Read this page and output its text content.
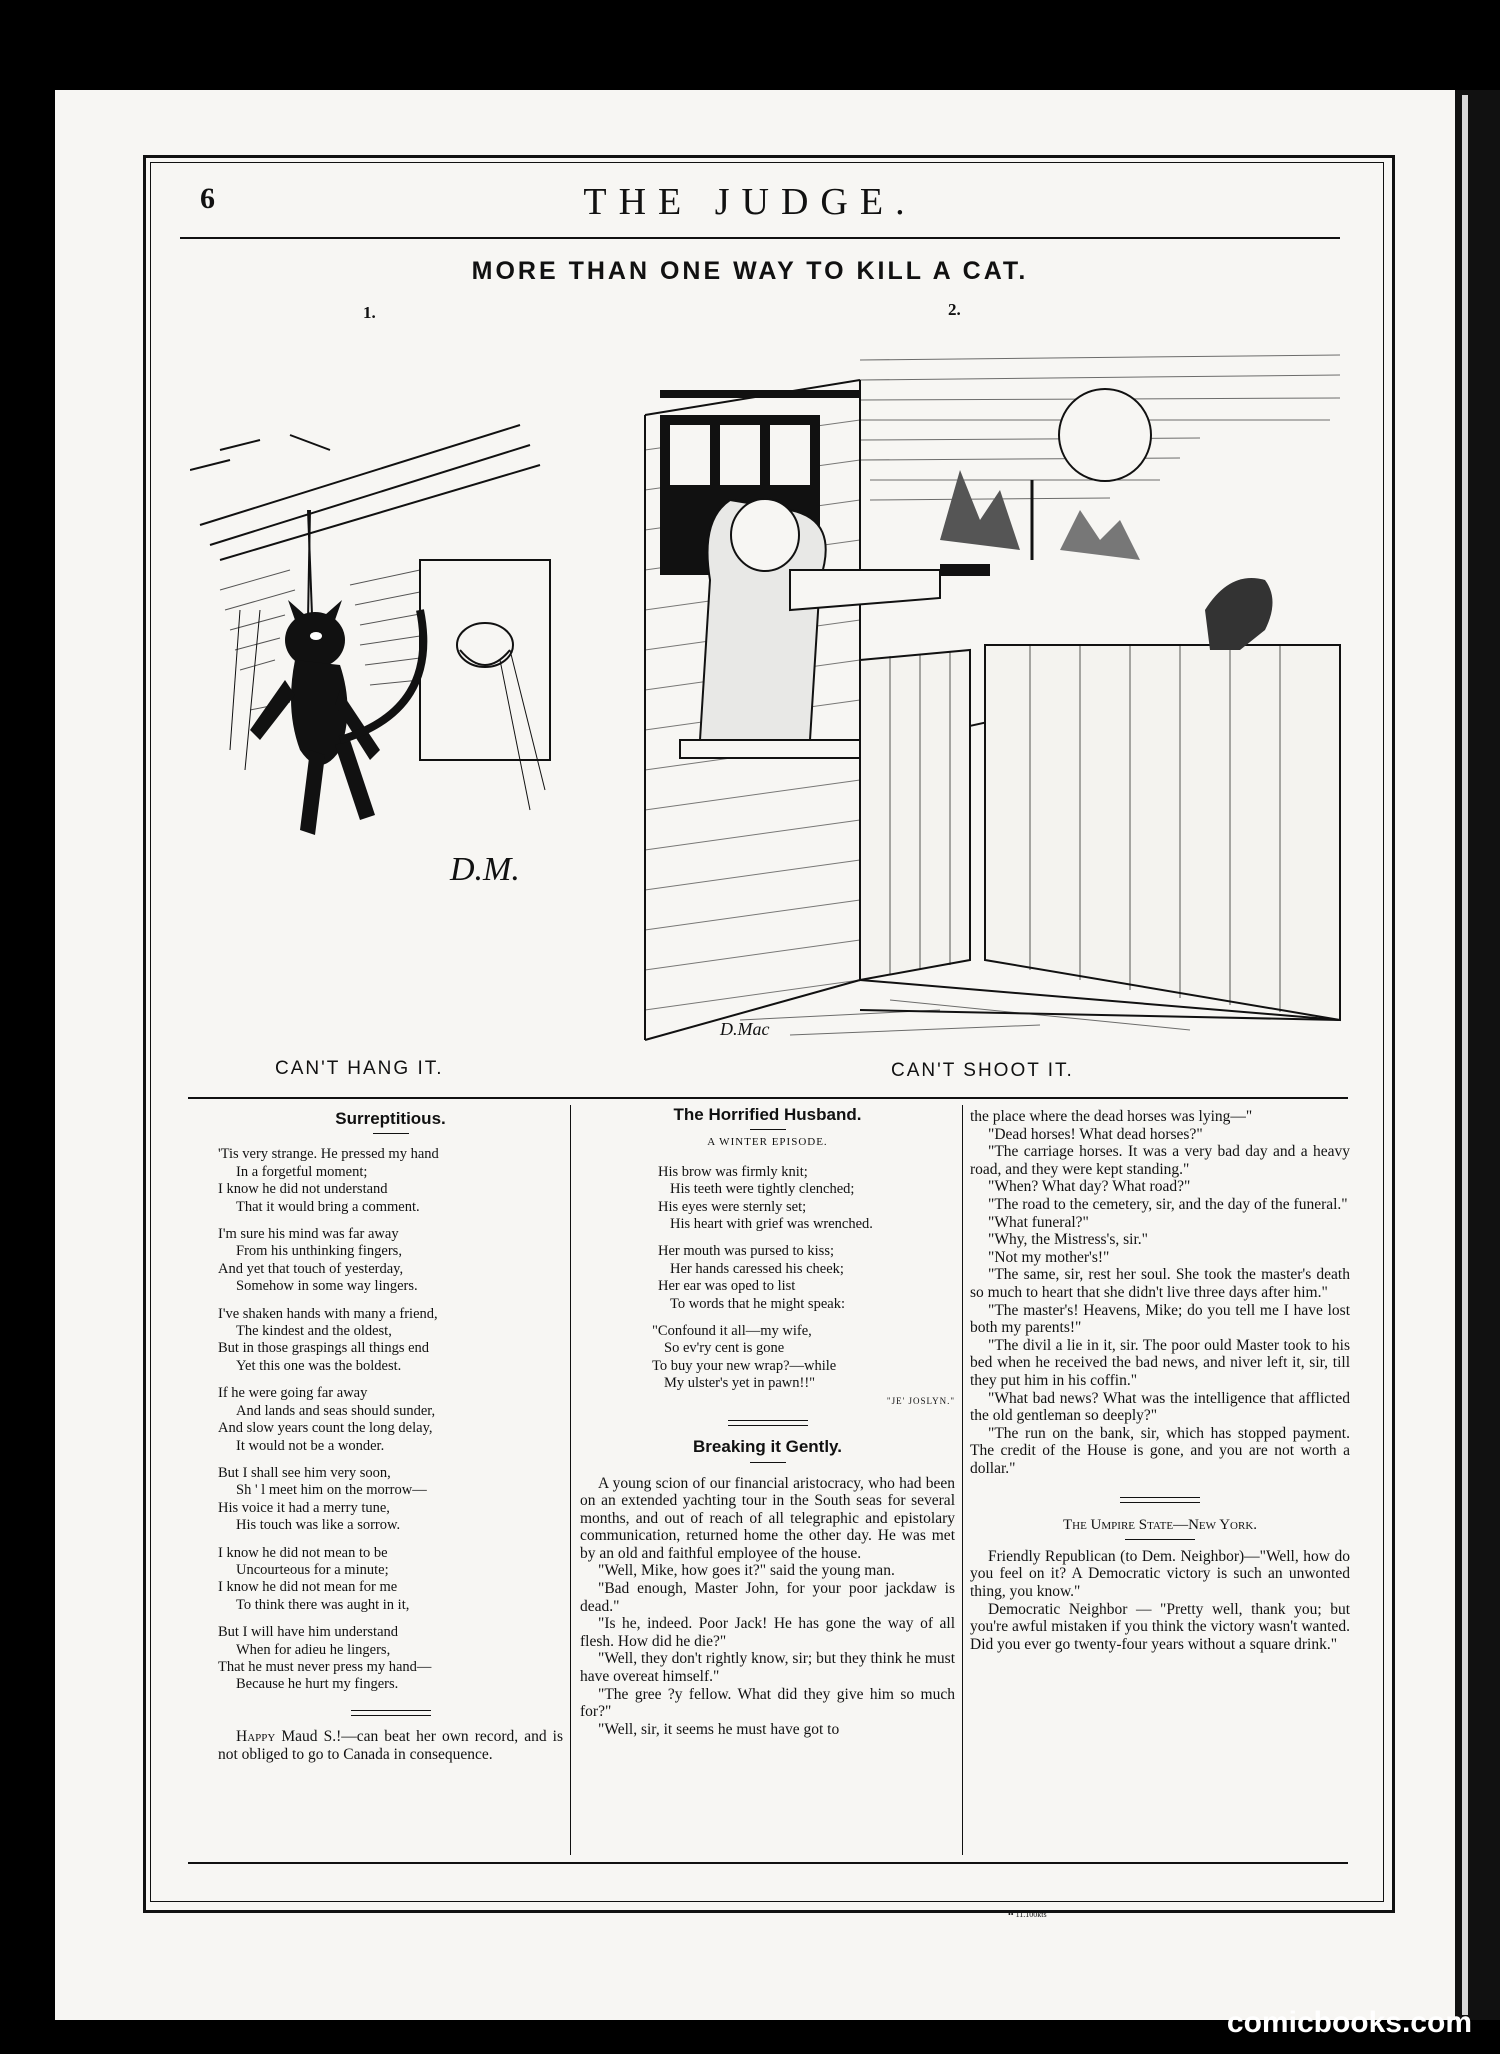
6	THE JUDGE.
MORE THAN ONE WAY TO KILL A CAT.
1.
D.M.
CAN'T HANG IT.
2.
D.Mac
CAN'T SHOOT IT.
Surreptitious.
'Tis very strange. He pressed my hand
In a forgetful moment;
I know he did not understand
That it would bring a comment.
I'm sure his mind was far away
From his unthinking fingers,
And yet that touch of yesterday,
Somehow in some way lingers.
I've shaken hands with many a friend,
The kindest and the oldest,
But in those graspings all things end
Yet this one was the boldest.
If he were going far away
And lands and seas should sunder,
And slow years count the long delay,
It would not be a wonder.
But I shall see him very soon,
Sh ' l meet him on the morrow—
His voice it had a merry tune,
His touch was like a sorrow.
I know he did not mean to be
Uncourteous for a minute;
I know he did not mean for me
To think there was aught in it,
But I will have him understand
When for adieu he lingers,
That he must never press my hand—
Because he hurt my fingers.

Happy Maud S.!—can beat her own record, and is not obliged to go to Canada in consequence.

The Horrified Husband.
A WINTER EPISODE.
His brow was firmly knit;
His teeth were tightly clenched;
His eyes were sternly set;
His heart with grief was wrenched.
Her mouth was pursed to kiss;
Her hands caressed his cheek;
Her ear was oped to list
To words that he might speak:
"Confound it all—my wife,
So ev'ry cent is gone
To buy your new wrap?—while
My ulster's yet in pawn!!"
"JE' JOSLYN."
Breaking it Gently.

A young scion of our financial aristocracy, who had been on an extended yachting tour in the South seas for several months, and out of reach of all telegraphic and epistolary communication, returned home the other day. He was met by an old and faithful employee of the house.

"Well, Mike, how goes it?" said the young man.

"Bad enough, Master John, for your poor jackdaw is dead."

"Is he, indeed. Poor Jack! He has gone the way of all flesh. How did he die?"

"Well, they don't rightly know, sir; but they think he must have overeat himself."

"The gree ?y fellow. What did they give him so much for?"

"Well, sir, it seems he must have got to

the place where the dead horses was lying—"

"Dead horses! What dead horses?"

"The carriage horses. It was a very bad day and a heavy road, and they were kept standing."

"When? What day? What road?"

"The road to the cemetery, sir, and the day of the funeral."

"What funeral?"

"Why, the Mistress's, sir."

"Not my mother's!"

"The same, sir, rest her soul. She took the master's death so much to heart that she didn't live three days after him."

"The master's! Heavens, Mike; do you tell me I have lost both my parents!"

"The divil a lie in it, sir. The poor ould Master took to his bed when he received the bad news, and niver left it, sir, till they put him in his coffin."

"What bad news? What was the intelligence that afflicted the old gentleman so deeply?"

"The run on the bank, sir, which has stopped payment. The credit of the House is gone, and you are not worth a dollar."

The Umpire State—New York.

Friendly Republican (to Dem. Neighbor)—"Well, how do you feel on it? A Democratic victory is such an unwonted thing, you know."

Democratic Neighbor — "Pretty well, thank you; but you're awful mistaken if you think the victory wasn't wanted. Did you ever go twenty-four years without a square drink."

•• 11.100kts
comicbooks.com
